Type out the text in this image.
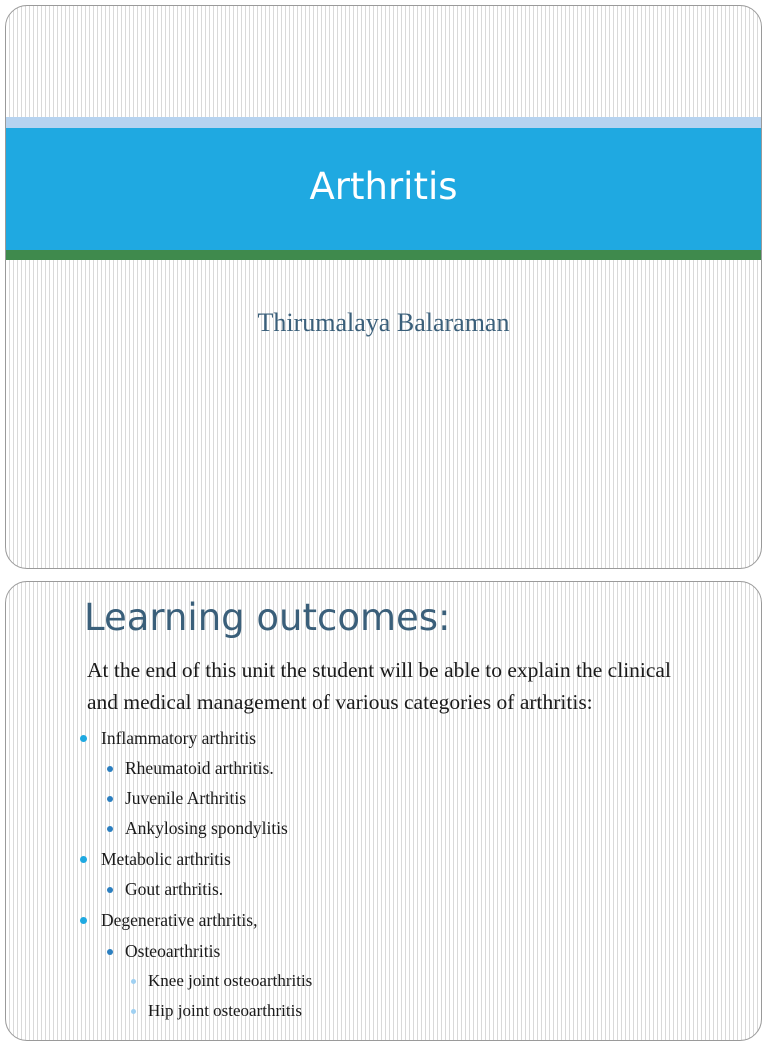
Arthritis
Thirumalaya Balaraman
Learning outcomes:
At the end of this unit the student will be able to explain the clinical
and medical management of various categories of arthritis:
Inflammatory arthritis
Rheumatoid arthritis.
Juvenile Arthritis
Ankylosing spondylitis
Metabolic arthritis
Gout arthritis.
Degenerative arthritis,
Osteoarthritis
Knee joint osteoarthritis
Hip joint osteoarthritis
